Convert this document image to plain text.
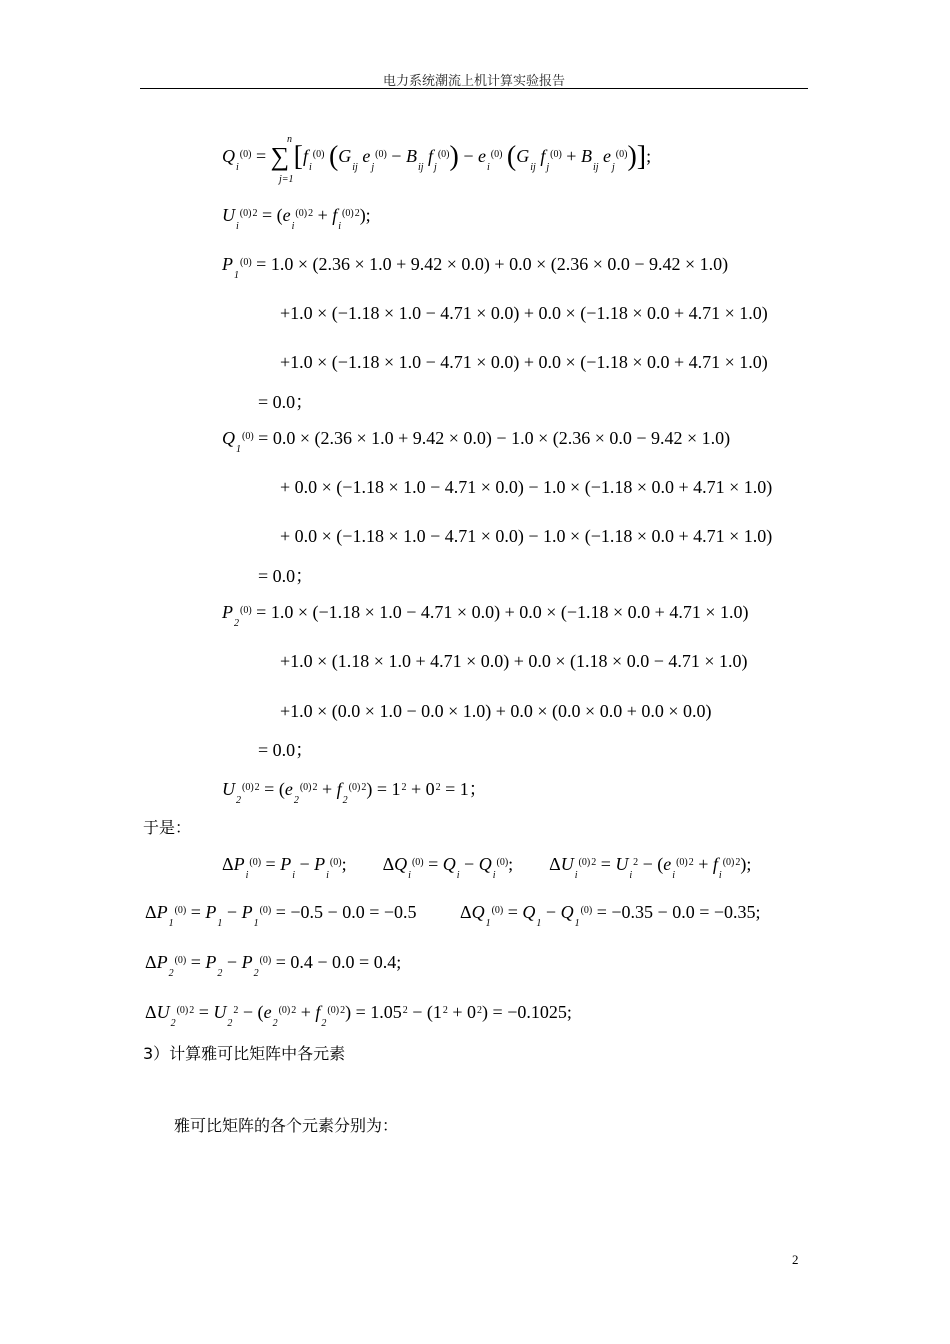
电力系统潮流上机计算实验报告
$Q_i^{(0)}$ = ∑ [$f_i^{(0)}$ ($G_{ij}$ $e_j^{(0)} - B_{ij}$ $f_j^{(0)}) - e_i^{(0)}$ ($G_{ij}$ $f_j^{(0)} + B_{ij}$ $e_j^{(0)}$)];
n
j=1
$U_i^{(0)2} = (e_i^{(0)2} + f_i^{(0)2})$;
$P_1^{(0)} = 1.0 \times (2.36 \times 1.0 + 9.42 \times 0.0) + 0.0 \times (2.36 \times 0.0 - 9.42 \times 1.0)$
+1.0 × (−1.18 × 1.0 − 4.71 × 0.0) + 0.0 × (−1.18 × 0.0 + 4.71 × 1.0)
+1.0 × (−1.18 × 1.0 − 4.71 × 0.0) + 0.0 × (−1.18 × 0.0 + 4.71 × 1.0)
= 0.0；
$Q_1^{(0)} = 0.0 \times (2.36 \times 1.0 + 9.42 \times 0.0) - 1.0 \times (2.36 \times 0.0 - 9.42 \times 1.0)$
+ 0.0 × (−1.18 × 1.0 − 4.71 × 0.0) − 1.0 × (−1.18 × 0.0 + 4.71 × 1.0)
+ 0.0 × (−1.18 × 1.0 − 4.71 × 0.0) − 1.0 × (−1.18 × 0.0 + 4.71 × 1.0)
= 0.0；
$P_2^{(0)} = 1.0 \times (-1.18 \times 1.0 - 4.71 \times 0.0) + 0.0 \times (-1.18 \times 0.0 + 4.71 \times 1.0)$
+1.0 × (1.18 × 1.0 + 4.71 × 0.0) + 0.0 × (1.18 × 0.0 − 4.71 × 1.0)
+1.0 × (0.0 × 1.0 − 0.0 × 1.0) + 0.0 × (0.0 × 0.0 + 0.0 × 0.0)
= 0.0；
$U_2^{(0)2} = (e_2^{(0)2} + f_2^{(0)2}) = 1^2 + 0^2 = 1$；
于是：
$\Delta P_i^{(0)} = P_i - P_i^{(0)}$;        $\Delta Q_i^{(0)} = Q_i - Q_i^{(0)}$;        $\Delta U_i^{(0)2} = U_i^2 - (e_i^{(0)2} + f_i^{(0)2})$;
$\Delta P_1^{(0)} = P_1 - P_1^{(0)} = -0.5 - 0.0 = -0.5$ $\Delta Q_1^{(0)} = Q_1 - Q_1^{(0)} = -0.35 - 0.0 = -0.35$;
$\Delta P_2^{(0)} = P_2 - P_2^{(0)} = 0.4 - 0.0 = 0.4$;
$\Delta U_2^{(0)2} = U_2^2 - (e_2^{(0)2} + f_2^{(0)2}) = 1.05^2 - (1^2 + 0^2) = -0.1025$;
3）计算雅可比矩阵中各元素
雅可比矩阵的各个元素分别为：
2
